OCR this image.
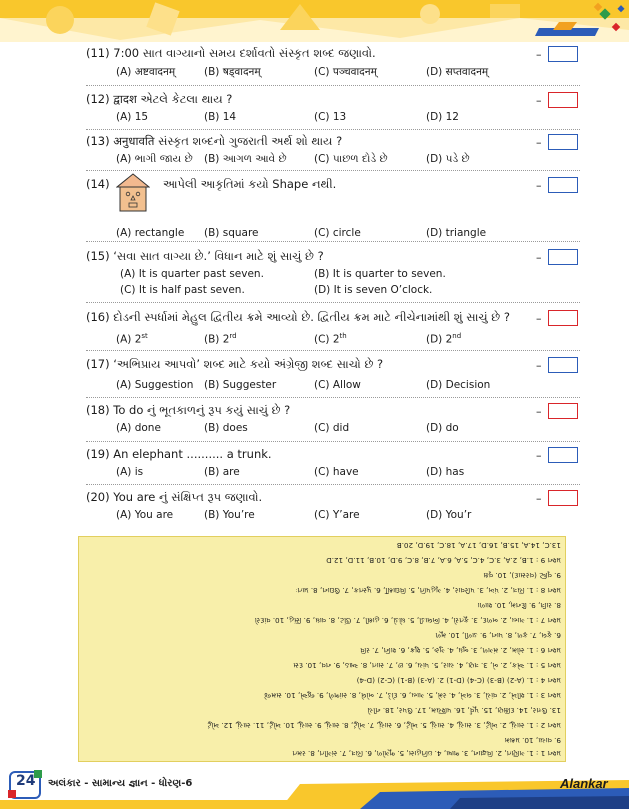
(11) 7:00 સાત વાગ્યાનો સમય દર્શાવતો સંસ્કૃત શબ્દ જણાવો.	–
(A) अष्टवादनम्	(B) षड्वादनम्	(C) पञ्चवादनम्	(D) सप्तवादनम्
(12) द्वादश એટલે કેટલા થાય ?	–
(A) 15	(B) 14	(C) 13	(D) 12
(13) अनुधावति સંસ્કૃત શબ્દનો ગુજરાતી અર્થ શો થાય ?	–
(A) ભાગી જાય છે (B) આગળ આવે છે	(C) પાછળ દોડે છે	(D) પડે છે
(14)	આપેલી આકૃતિમાં કયો Shape નથી.	–
(A) rectangle (B) square	(C) circle	(D) triangle
(15) ‘સવા સાત વાગ્યા છે.’ વિધાન માટે શું સાચું છે ?	–
(A) It is quarter past seven.	(B) It is quarter to seven.
(C) It is half past seven.	(D) It is seven O’clock.
(16) દોડની સ્પર્ધામાં મેહુલ દ્વિતીય ક્રમે આવ્યો છે. દ્વિતીય ક્રમ માટે નીચેનામાંથી શું સાચું છે ? –
(A) 2st	(B) 2rd	(C) 2th	(D) 2nd
(17) ‘અભિપ્રાય આપવો’ શબ્દ માટે કયો અંગ્રેજી શબ્દ સાચો છે ?	–
(A) Suggestion (B) Suggester	(C) Allow	(D) Decision
(18) To do નું ભૂતકાળનું રૂપ કયું સાચું છે ?	–
(A) done	(B) does	(C) did	(D) do
(19) An elephant .......... a trunk.	–
(A) is	(B) are	(C) have	(D) has
(20) You are નું સંક્ષિપ્ત રૂપ જણાવો.	–
(A) You are	(B) You’re	(C) Y’are	(D) You’r
13.C, 14.A, 15.B, 16.D, 17.A, 18.C, 19.D, 20.B
પ્રશ્ન 9 : 1.B, 2.A, 3.C, 4.C, 5.A, 6.A, 7.B, 8.C, 9.D, 10.B, 11.D, 12.D
9. વૃષ્ટિ (વરસાદ), 10. વૃક્ષ
પ્રશ્ન 8 : 1. ચિત્ર, 2. પંખ, 3. પરિવાર, 4. ગૃહપતિ, 5. વિદ્યાર્થી, 6. પુસ્તક, 7. ઉદ્યાન, 8. પ્રાતઃ
8. રાત્રિ, 9. દિનમ્, 10. શાળા
પ્રશ્ન 7 : 1. ગાય, 2. બળદ, 3. કૂતરો, 4. બિલાડી, 5. ઘોડો, 6. હાથી, 7. ઊંટ, 8. વાઘ, 9. સિંહ, 10. વાંદરો
6. ફૂલ, 7. ફળ, 8. પાન, 9. ડાળી, 10. મૂળ
પ્રશ્ન 6 : 1. સોમ, 2. મંગળ, 3. બુધ, 4. ગુરુ, 5. શુક્ર, 6. શનિ, 7. રવિ
પ્રશ્ન 5 : 1. એક, 2. બે, 3. ત્રણ, 4. ચાર, 5. પાંચ, 6. છ, 7. સાત, 8. આઠ, 9. નવ, 10. દસ
પ્રશ્ન 4 : 1. (A-2) (B-3) (C-4) (D-1) 2. (A-3) (B-1) (C-2) (D-4)
પ્રશ્ન 3 : 1. શીખે, 2. વાંચે, 3. લખે, 4. રમે, 5. ગાય, 6. દોડે, 7. બોલે, 8. સાંભળે, 9. જુએ, 10. સમજે
13. ઉત્તર, 14. દક્ષિણ, 15. પૂર્વ, 16. પશ્ચિમ, 17. ઉપર, 18. નીચે
પ્રશ્ન 2 : 1. સાચું, 2. ખોટું, 3. સાચું, 4. સાચું, 5. ખોટું, 6. સાચું, 7. ખોટું, 8. સાચું, 9. સાચું, 10. ખોટું, 11. સાચું, 12. ખોટું
9. વાચા, 10. પ્રથમ
પ્રશ્ન 1 : 1. ગણિત, 2. વિજ્ઞાન, 3. ભાષા, 4. ઇતિહાસ, 5. ભૂગોળ, 6. ચિત્ર, 7. સંગીત, 8. રમત
24 અલંકાર - સામાન્ય જ્ઞાન - ધોરણ-6	Alankar
